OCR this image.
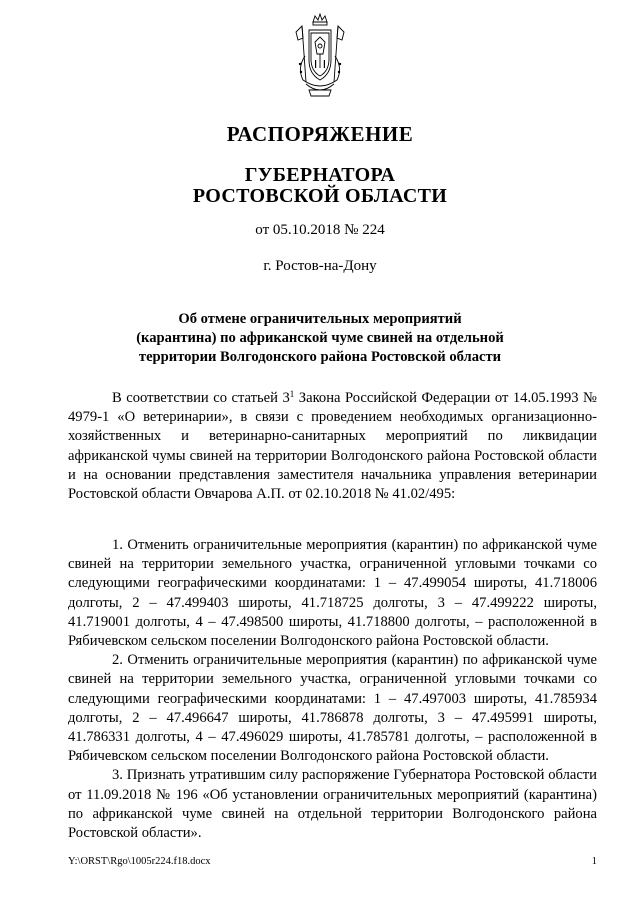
РАСПОРЯЖЕНИЕ
ГУБЕРНАТОРА
РОСТОВСКОЙ ОБЛАСТИ
от 05.10.2018 № 224
г. Ростов-на-Дону
Об отмене ограничительных мероприятий
(карантина) по африканской чуме свиней на отдельной
территории Волгодонского района Ростовской области

В соответствии со статьей $3^1$ Закона Российской Федерации от 14.05.1993 № 4979-1 «О ветеринарии», в связи с проведением необходимых организационно-хозяйственных и ветеринарно-санитарных мероприятий по ликвидации африканской чумы свиней на территории Волгодонского района Ростовской области и на основании представления заместителя начальника управления ветеринарии Ростовской области Овчарова А.П. от 02.10.2018 № 41.02/495:

1. Отменить ограничительные мероприятия (карантин) по африканской чуме свиней на территории земельного участка, ограниченной угловыми точками со следующими географическими координатами: 1 – 47.499054 широты, 41.718006 долготы, 2 – 47.499403 широты, 41.718725 долготы, 3 – 47.499222 широты, 41.719001 долготы, 4 – 47.498500 широты, 41.718800 долготы, – расположенной в Рябичевском сельском поселении Волгодонского района Ростовской области.

2. Отменить ограничительные мероприятия (карантин) по африканской чуме свиней на территории земельного участка, ограниченной угловыми точками со следующими географическими координатами: 1 – 47.497003 широты, 41.785934 долготы, 2 – 47.496647 широты, 41.786878 долготы, 3 – 47.495991 широты, 41.786331 долготы, 4 – 47.496029 широты, 41.785781 долготы, – расположенной в Рябичевском сельском поселении Волгодонского района Ростовской области.

3. Признать утратившим силу распоряжение Губернатора Ростовской области от 11.09.2018 № 196 «Об установлении ограничительных мероприятий (карантина) по африканской чуме свиней на отдельной территории Волгодонского района Ростовской области».

Y:\ORST\Rgo\1005r224.f18.docx	1
